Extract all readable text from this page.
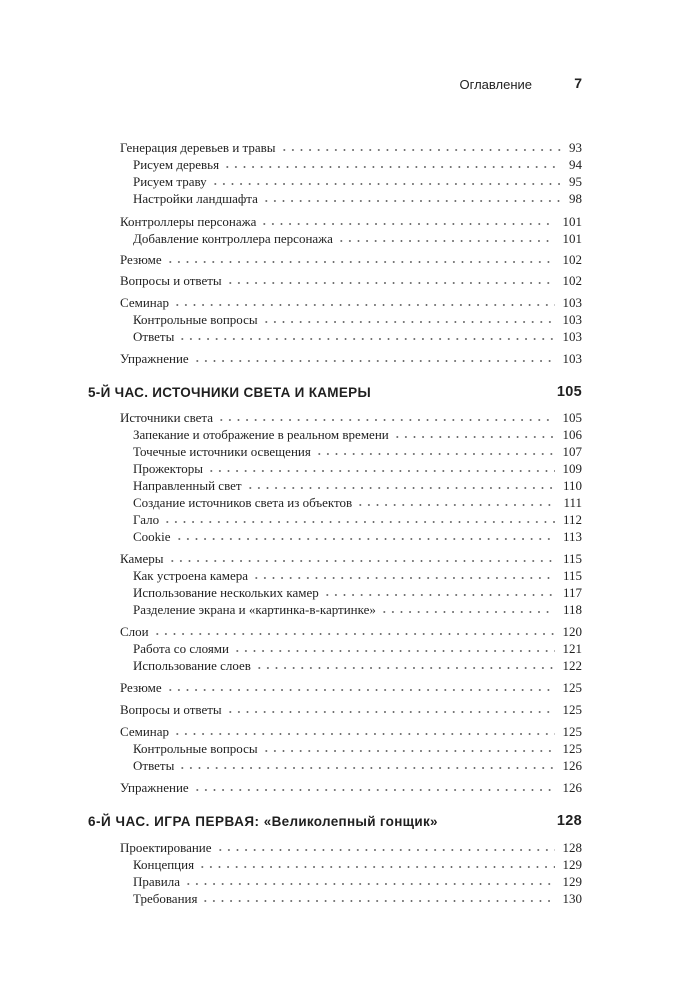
Оглавление	7
Генерация деревьев и травы	93
Рисуем деревья	94
Рисуем траву	95
Настройки ландшафта	98
Контроллеры персонажа	101
Добавление контроллера персонажа	101
Резюме	102
Вопросы и ответы	102
Семинар	103
Контрольные вопросы	103
Ответы	103
Упражнение	103
5-Й ЧАС. ИСТОЧНИКИ СВЕТА И КАМЕРЫ	105
Источники света	105
Запекание и отображение в реальном времени	106
Точечные источники освещения	107
Прожекторы	109
Направленный свет	110
Создание источников света из объектов	111
Гало	112
Cookie	113
Камеры	115
Как устроена камера	115
Использование нескольких камер	117
Разделение экрана и «картинка-в-картинке»	118
Слои	120
Работа со слоями	121
Использование слоев	122
Резюме	125
Вопросы и ответы	125
Семинар	125
Контрольные вопросы	125
Ответы	126
Упражнение	126
6-Й ЧАС. ИГРА ПЕРВАЯ: «Великолепный гонщик»	128
Проектирование	128
Концепция	129
Правила	129
Требования	130
